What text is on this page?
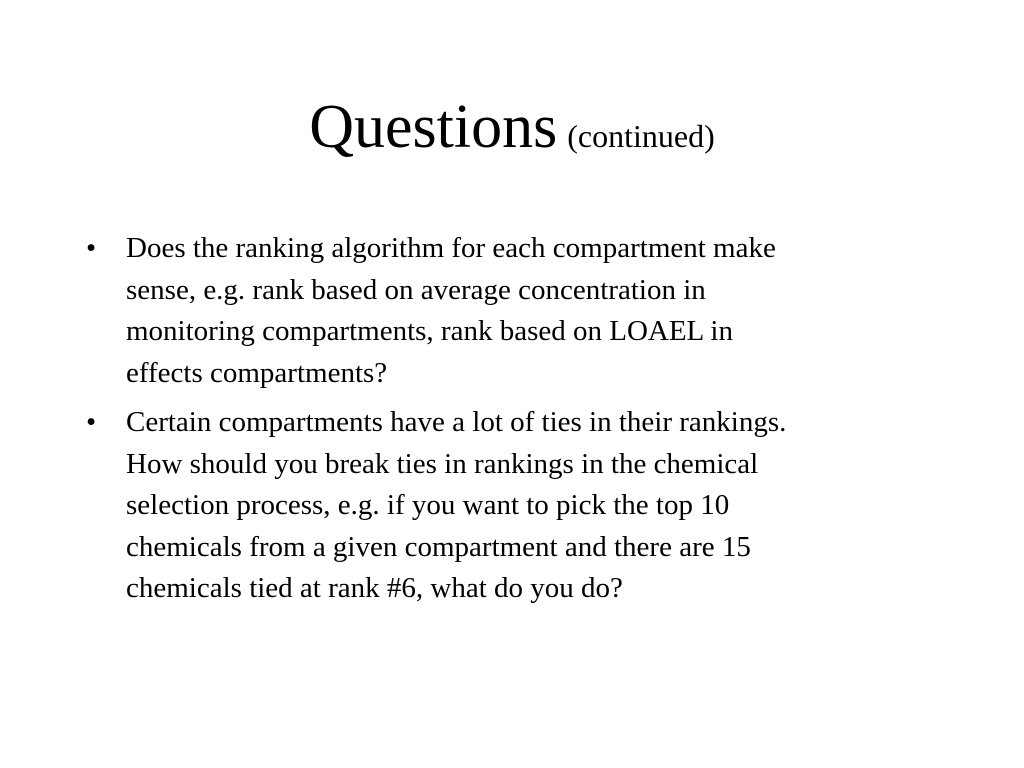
Questions (continued)
•	Does the ranking algorithm for each compartment make
sense, e.g. rank based on average concentration in
monitoring compartments, rank based on LOAEL in
effects compartments?
•	Certain compartments have a lot of ties in their rankings.
How should you break ties in rankings in the chemical
selection process, e.g. if you want to pick the top 10
chemicals from a given compartment and there are 15
chemicals tied at rank #6, what do you do?
